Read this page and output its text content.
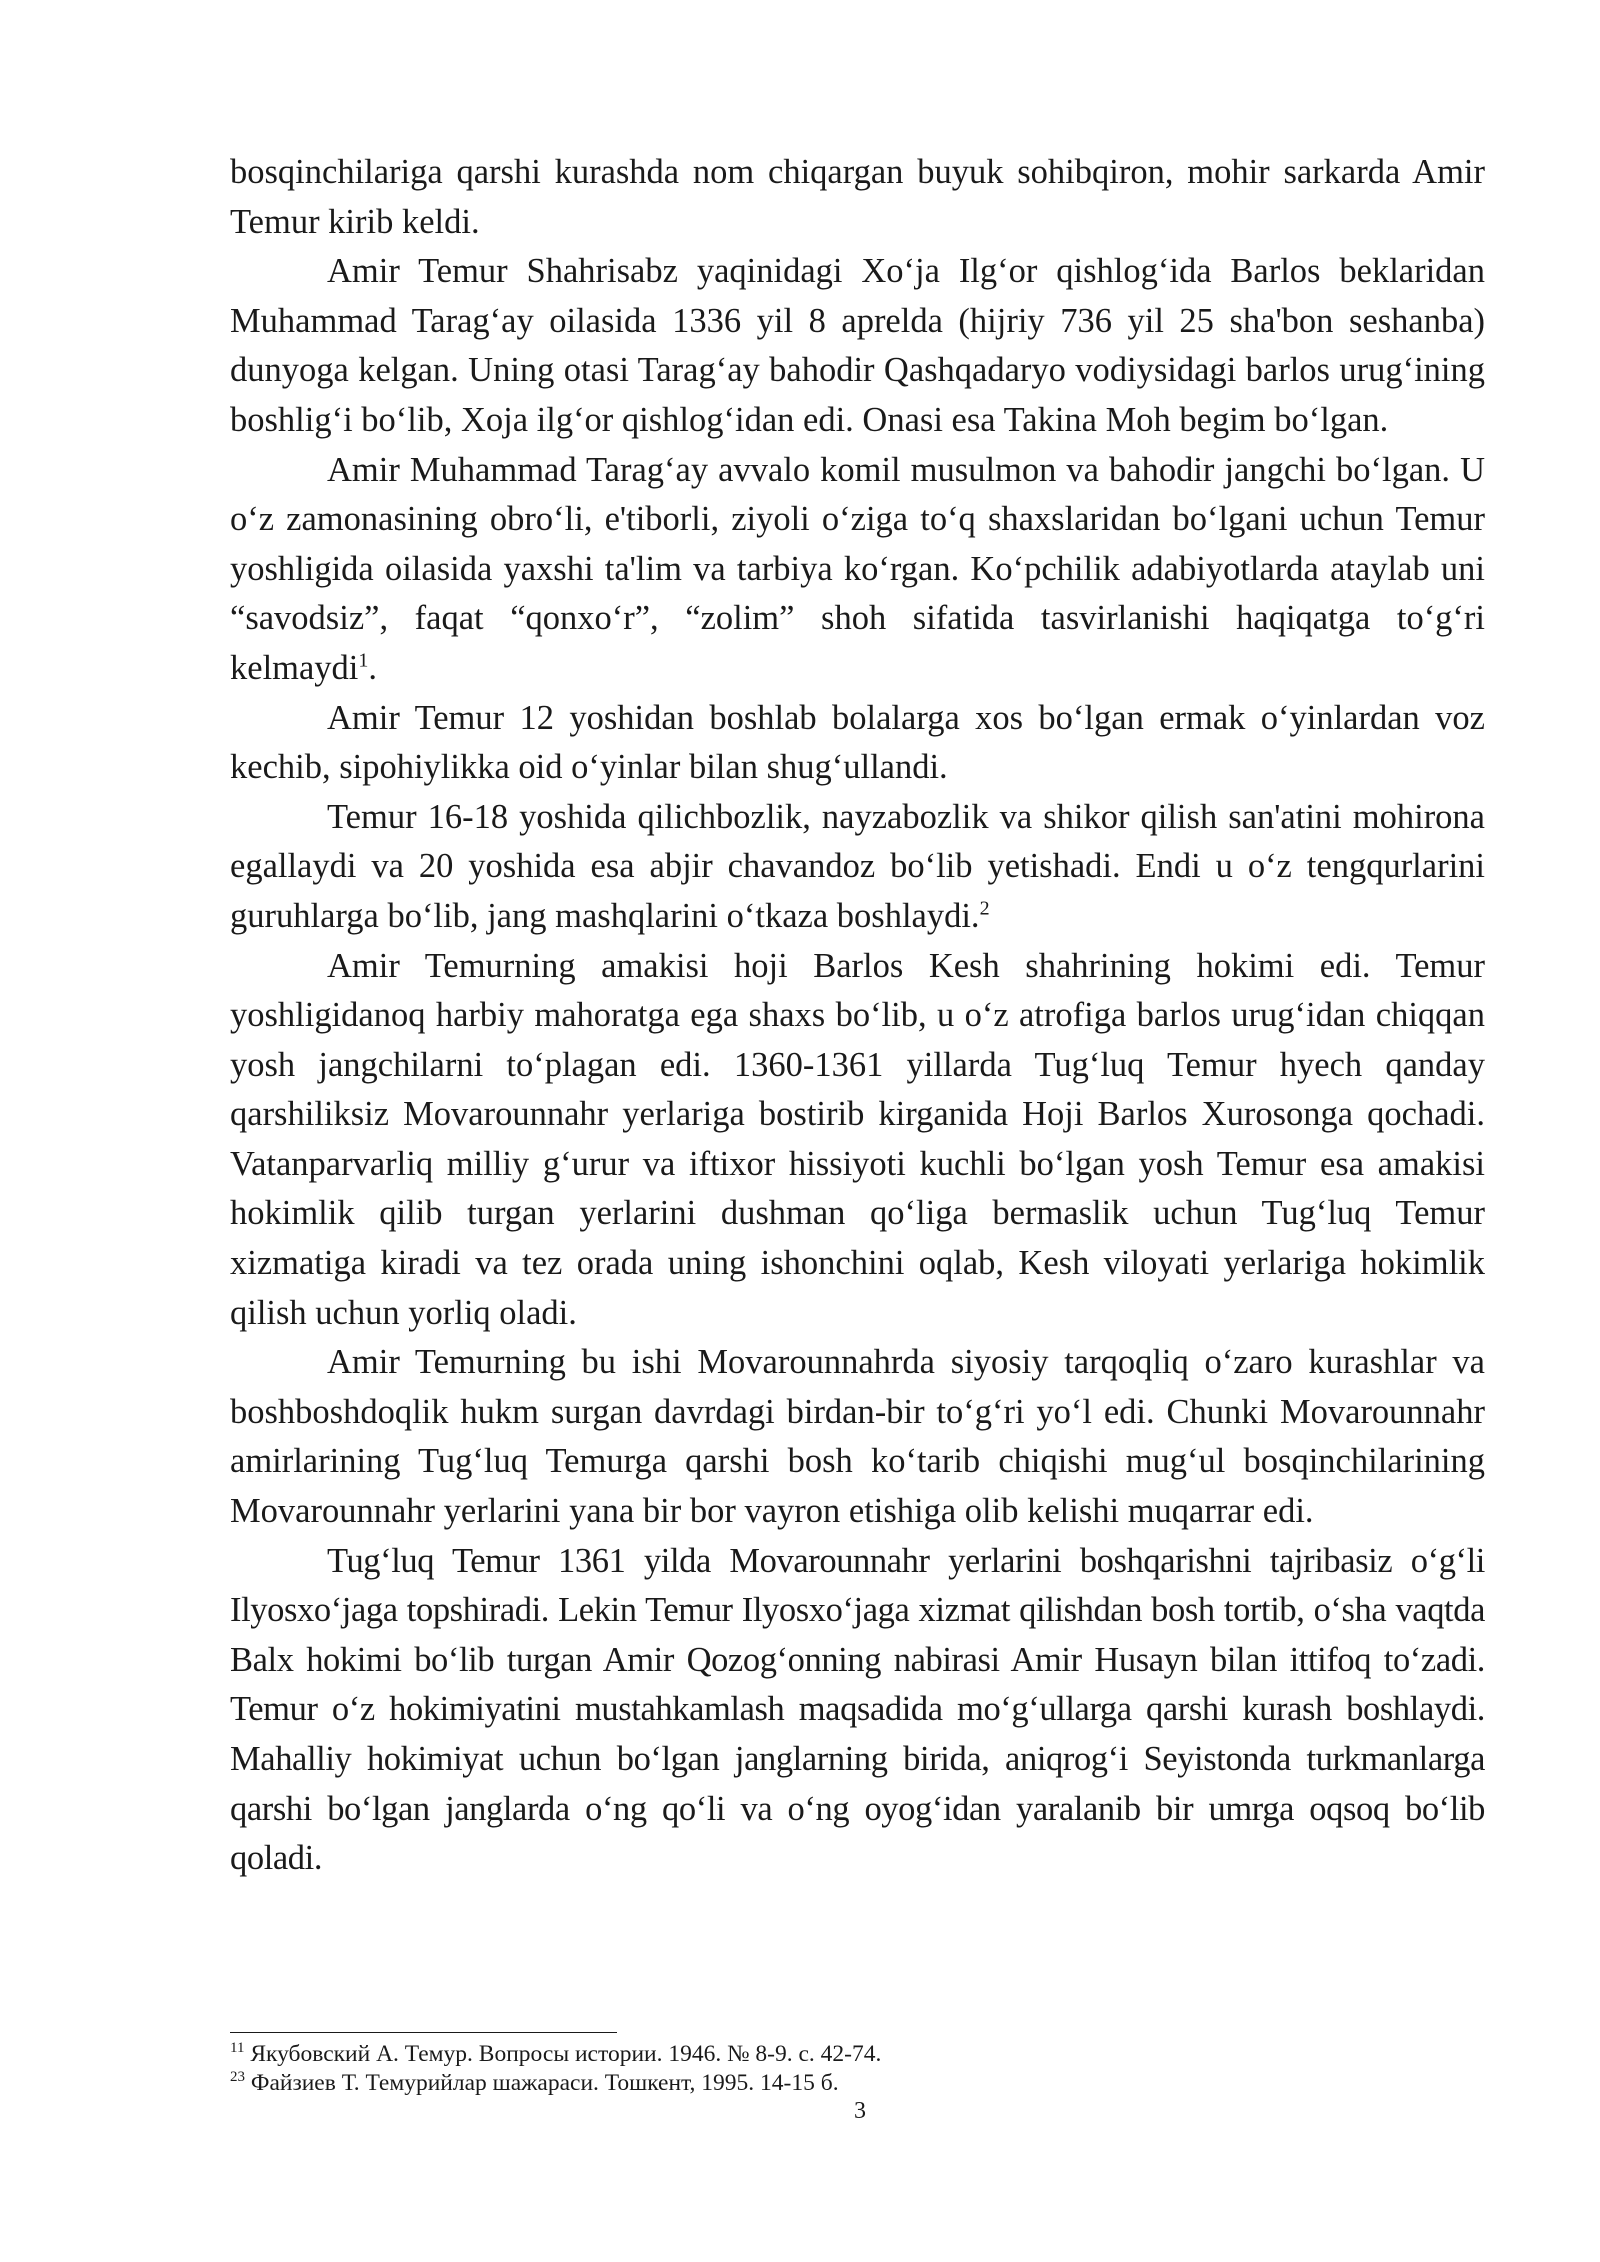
bosqinchilariga qarshi kurashda nom chiqargan buyuk sohibqiron, mohir sarkarda Amir Temur kirib keldi.

Amir Temur Shahrisabz yaqinidagi Xo‘ja Ilg‘or qishlog‘ida Barlos beklaridan Muhammad Tarag‘ay oilasida 1336 yil 8 aprelda (hijriy 736 yil 25 sha'bon seshanba) dunyoga kelgan. Uning otasi Tarag‘ay bahodir Qashqadaryo vodiysidagi barlos urug‘ining boshlig‘i bo‘lib, Xoja ilg‘or qishlog‘idan edi. Onasi esa Takina Moh begim bo‘lgan.

Amir Muhammad Tarag‘ay avvalo komil musulmon va bahodir jangchi bo‘lgan. U o‘z zamonasining obro‘li, e'tiborli, ziyoli o‘ziga to‘q shaxslaridan bo‘lgani uchun Temur yoshligida oilasida yaxshi ta'lim va tarbiya ko‘rgan. Ko‘pchilik adabiyotlarda ataylab uni “savodsiz”, faqat “qonxo‘r”, “zolim” shoh sifatida tasvirlanishi haqiqatga to‘g‘ri kelmaydi$^1$.

Amir Temur 12 yoshidan boshlab bolalarga xos bo‘lgan ermak o‘yinlardan voz kechib, sipohiylikka oid o‘yinlar bilan shug‘ullandi.

Temur 16-18 yoshida qilichbozlik, nayzabozlik va shikor qilish san'atini mohirona egallaydi va 20 yoshida esa abjir chavandoz bo‘lib yetishadi. Endi u o‘z tengqurlarini guruhlarga bo‘lib, jang mashqlarini o‘tkaza boshlaydi.$^2$

Amir Temurning amakisi hoji Barlos Kesh shahrining hokimi edi. Temur yoshligidanoq harbiy mahoratga ega shaxs bo‘lib, u o‘z atrofiga barlos urug‘idan chiqqan yosh jangchilarni to‘plagan edi. 1360-1361 yillarda Tug‘luq Temur hyech qanday qarshiliksiz Movarounnahr yerlariga bostirib kirganida Hoji Barlos Xurosonga qochadi. Vatanparvarliq milliy g‘urur va iftixor hissiyoti kuchli bo‘lgan yosh Temur esa amakisi hokimlik qilib turgan yerlarini dushman qo‘liga bermaslik uchun Tug‘luq Temur xizmatiga kiradi va tez orada uning ishonchini oqlab, Kesh viloyati yerlariga hokimlik qilish uchun yorliq oladi.

Amir Temurning bu ishi Movarounnahrda siyosiy tarqoqliq o‘zaro kurashlar va boshboshdoqlik hukm surgan davrdagi birdan-bir to‘g‘ri yo‘l edi. Chunki Movarounnahr amirlarining Tug‘luq Temurga qarshi bosh ko‘tarib chiqishi mug‘ul bosqinchilarining Movarounnahr yerlarini yana bir bor vayron etishiga olib kelishi muqarrar edi.

Tug‘luq Temur 1361 yilda Movarounnahr yerlarini boshqarishni tajribasiz o‘g‘li Ilyosxo‘jaga topshiradi. Lekin Temur Ilyosxo‘jaga xizmat qilishdan bosh tortib, o‘sha vaqtda Balx hokimi bo‘lib turgan Amir Qozog‘onning nabirasi Amir Husayn bilan ittifoq to‘zadi. Temur o‘z hokimiyatini mustahkamlash maqsadida mo‘g‘ullarga qarshi kurash boshlaydi. Mahalliy hokimiyat uchun bo‘lgan janglarning birida, aniqrog‘i Seyistonda turkmanlarga qarshi bo‘lgan janglarda o‘ng qo‘li va o‘ng oyog‘idan yaralanib bir umrga oqsoq bo‘lib qoladi.

$^{11}$ Якубовский А. Темур. Вопросы истории. 1946. № 8-9. с. 42-74.
$^{23}$ Файзиев Т. Темурийлар шажараси. Тошкент, 1995. 14-15 б.
3
